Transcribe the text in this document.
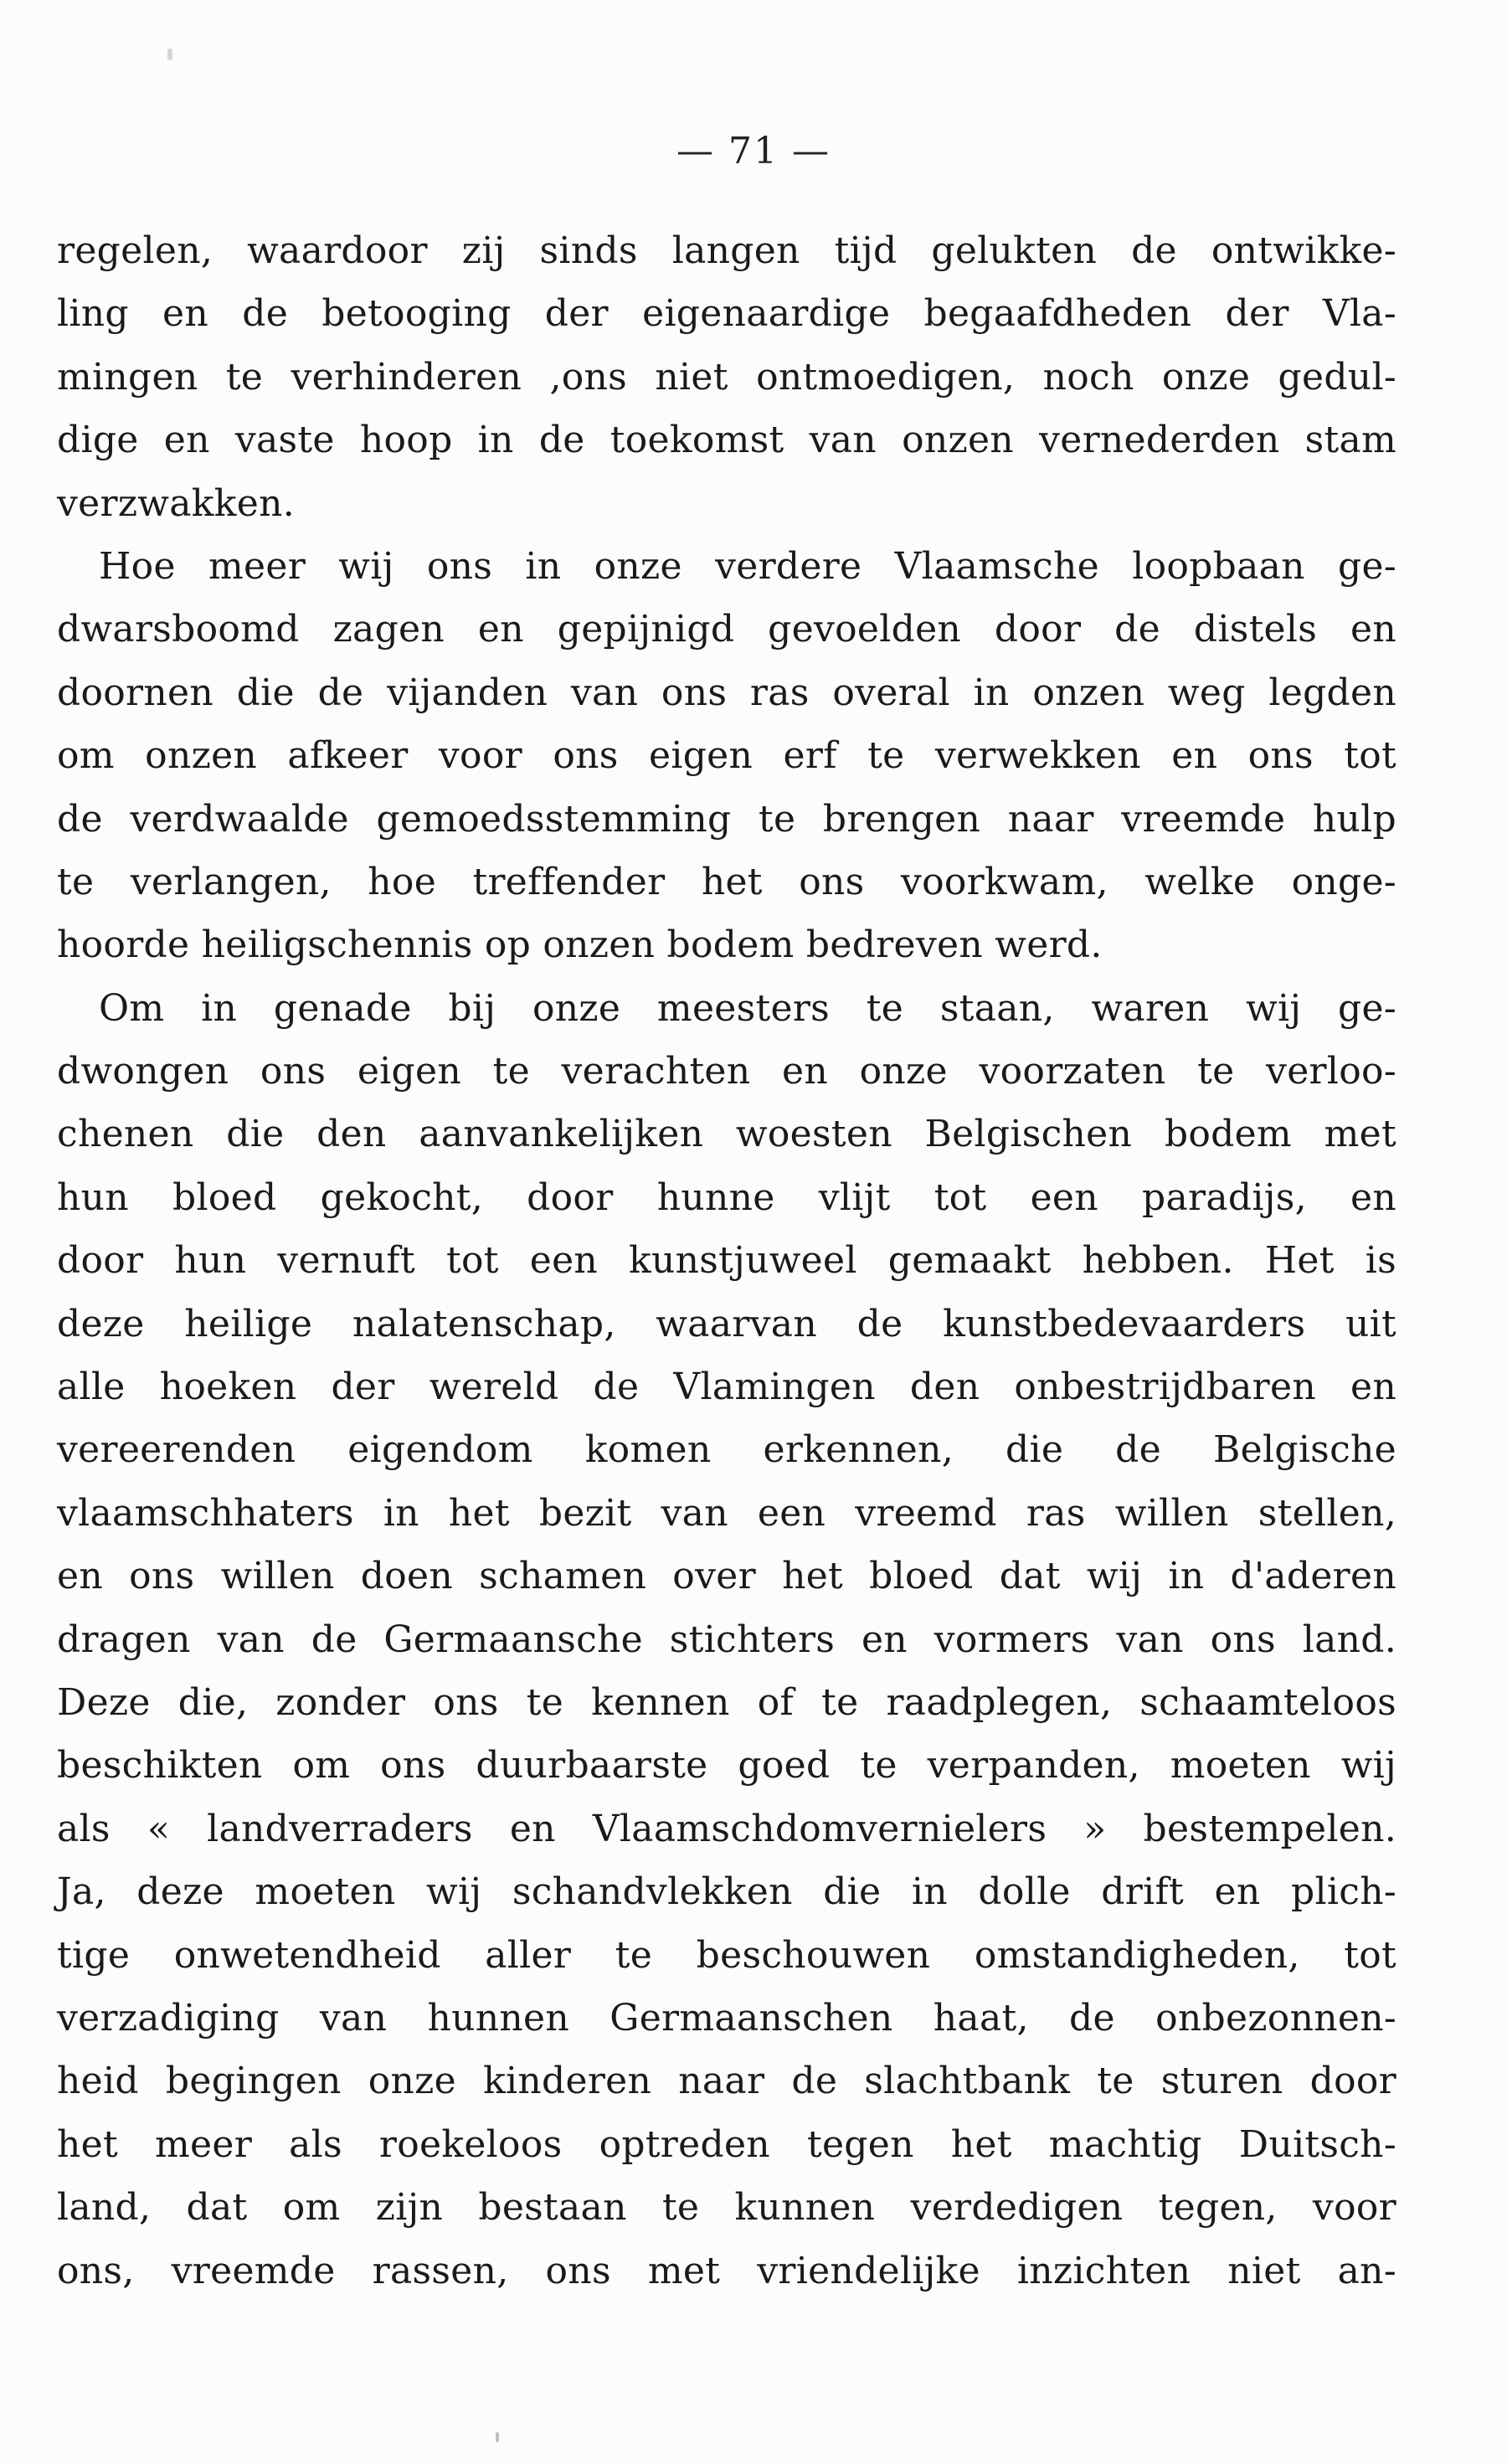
— 71 —
regelen, waardoor zij sinds langen tijd gelukten de ontwikke-
ling en de betooging der eigenaardige begaafdheden der Vla-
mingen te verhinderen ,ons niet ontmoedigen, noch onze gedul-
dige en vaste hoop in de toekomst van onzen vernederden stam
verzwakken.
Hoe meer wij ons in onze verdere Vlaamsche loopbaan ge-
dwarsboomd zagen en gepijnigd gevoelden door de distels en
doornen die de vijanden van ons ras overal in onzen weg legden
om onzen afkeer voor ons eigen erf te verwekken en ons tot
de verdwaalde gemoedsstemming te brengen naar vreemde hulp
te verlangen, hoe treffender het ons voorkwam, welke onge-
hoorde heiligschennis op onzen bodem bedreven werd.
Om in genade bij onze meesters te staan, waren wij ge-
dwongen ons eigen te verachten en onze voorzaten te verloo-
chenen die den aanvankelijken woesten Belgischen bodem met
hun bloed gekocht, door hunne vlijt tot een paradijs, en
door hun vernuft tot een kunstjuweel gemaakt hebben. Het is
deze heilige nalatenschap, waarvan de kunstbedevaarders uit
alle hoeken der wereld de Vlamingen den onbestrijdbaren en
vereerenden eigendom komen erkennen, die de Belgische
vlaamschhaters in het bezit van een vreemd ras willen stellen,
en ons willen doen schamen over het bloed dat wij in d'aderen
dragen van de Germaansche stichters en vormers van ons land.
Deze die, zonder ons te kennen of te raadplegen, schaamteloos
beschikten om ons duurbaarste goed te verpanden, moeten wij
als « landverraders en Vlaamschdomvernielers » bestempelen.
Ja, deze moeten wij schandvlekken die in dolle drift en plich-
tige onwetendheid aller te beschouwen omstandigheden, tot
verzadiging van hunnen Germaanschen haat, de onbezonnen-
heid begingen onze kinderen naar de slachtbank te sturen door
het meer als roekeloos optreden tegen het machtig Duitsch-
land, dat om zijn bestaan te kunnen verdedigen tegen, voor
ons, vreemde rassen, ons met vriendelijke inzichten niet an-
